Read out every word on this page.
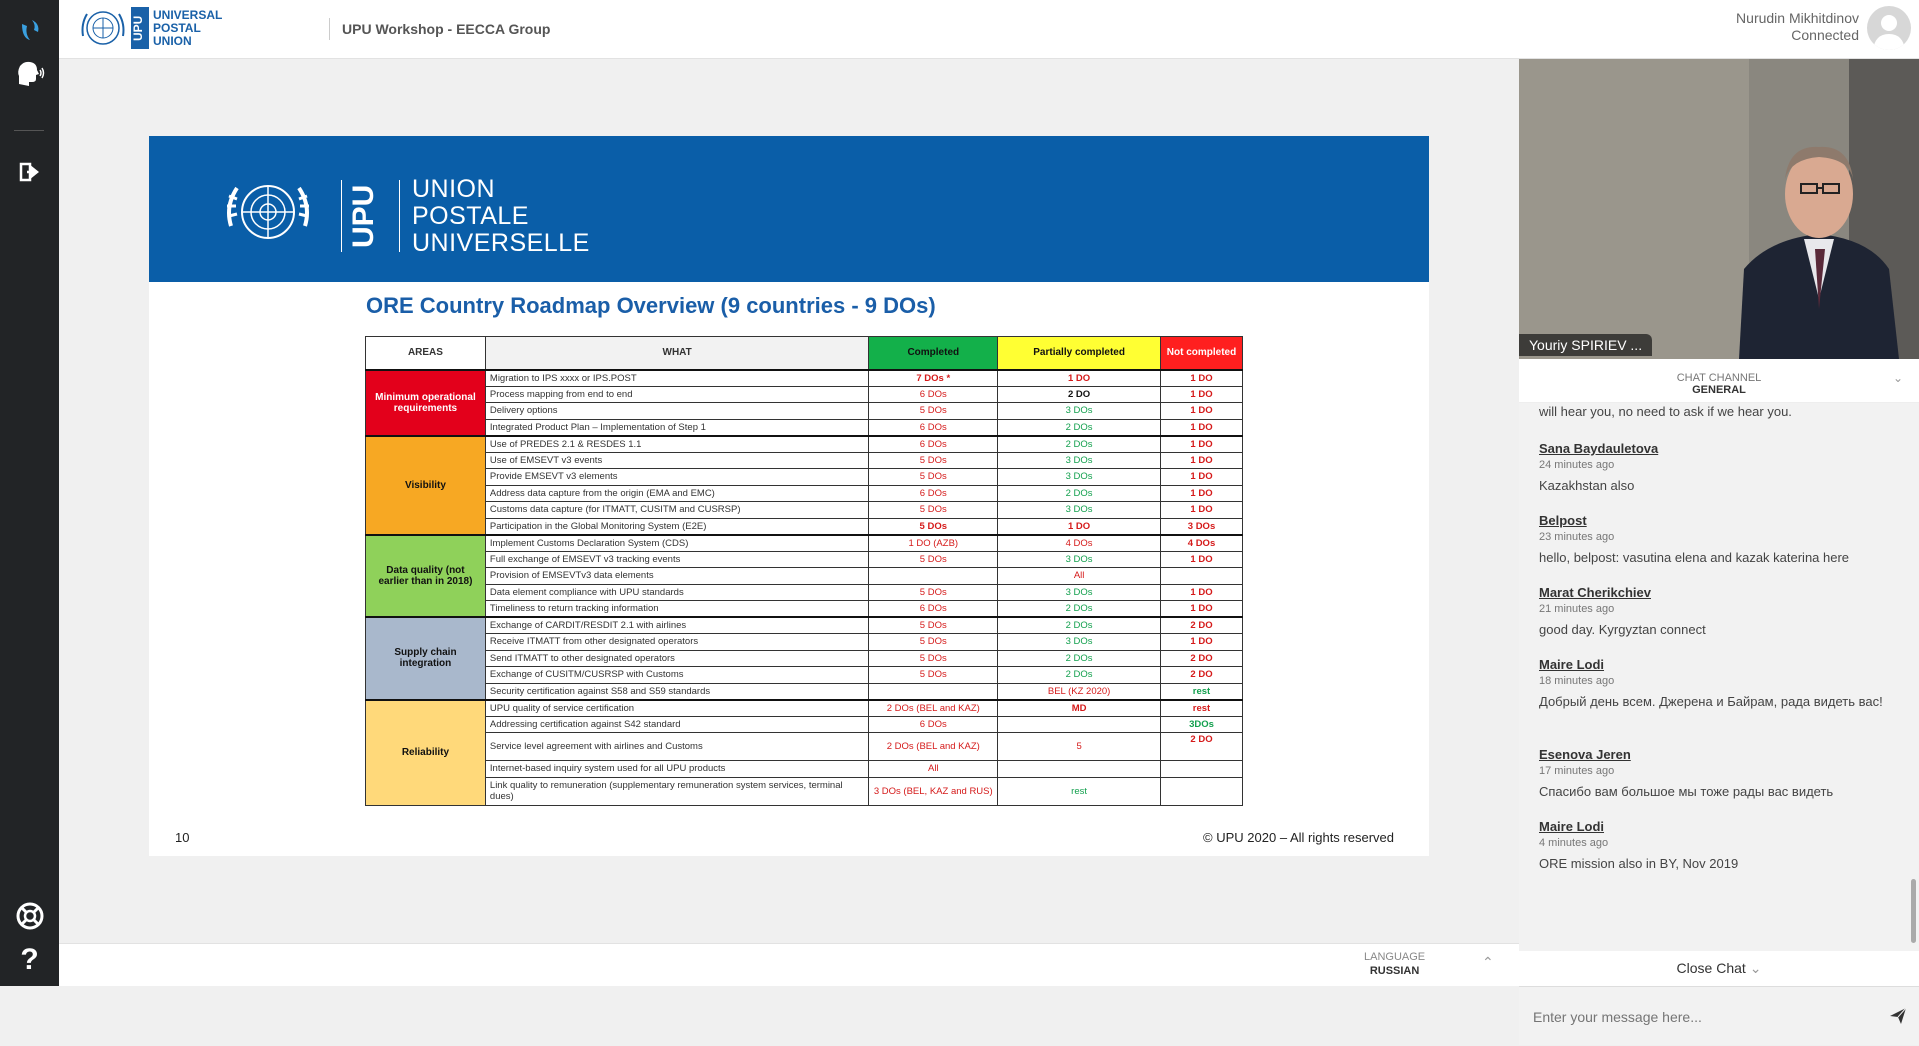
?
UPU
UNIVERSAL
POSTAL
UNION
UPU Workshop - EECCA Group
Nurudin Mikhitdinov
Connected
UPU UNION
POSTALE
UNIVERSELLE
ORE Country Roadmap Overview (9 countries - 9 DOs)
AREAS	WHAT	Completed	Partially completed	Not completed
Minimum operational requirements	Migration to IPS xxxx or IPS.POST	7 DOs *	1 DO	1 DO
	Process mapping from end to end	6 DOs	2 DO	1 DO
	Delivery options	5 DOs	3 DOs	1 DO
	Integrated Product Plan – Implementation of Step 1	6 DOs	2 DOs	1 DO
Visibility	Use of PREDES 2.1 & RESDES 1.1	6 DOs	2 DOs	1 DO
	Use of EMSEVT v3 events	5 DOs	3 DOs	1 DO
	Provide EMSEVT v3 elements	5 DOs	3 DOs	1 DO
	Address data capture from the origin (EMA and EMC)	6 DOs	2 DOs	1 DO
	Customs data capture (for ITMATT, CUSITM and CUSRSP)	5 DOs	3 DOs	1 DO
	Participation in the Global Monitoring System (E2E)	5 DOs	1 DO	3 DOs
Data quality (not earlier than in 2018)	Implement Customs Declaration System (CDS)	1 DO (AZB)	4 DOs	4 DOs
	Full exchange of EMSEVT v3 tracking events	5 DOs	3 DOs	1 DO
	Provision of EMSEVTv3 data elements		All	
	Data element compliance with UPU standards	5 DOs	3 DOs	1 DO
	Timeliness to return tracking information	6 DOs	2 DOs	1 DO
Supply chain integration	Exchange of CARDIT/RESDIT 2.1 with airlines	5 DOs	2 DOs	2 DO
	Receive ITMATT from other designated operators	5 DOs	3 DOs	1 DO
	Send ITMATT to other designated operators	5 DOs	2 DOs	2 DO
	Exchange of CUSITM/CUSRSP with Customs	5 DOs	2 DOs	2 DO
	Security certification against S58 and S59 standards		BEL (KZ 2020)	rest
Reliability	UPU quality of service certification	2 DOs (BEL and KAZ)	MD	rest
	Addressing certification against S42 standard	6 DOs		3DOs
	Service level agreement with airlines and Customs	2 DOs (BEL and KAZ)	5	2 DO
	Internet-based inquiry system used for all UPU products	All		
	Link quality to remuneration (supplementary remuneration system services, terminal dues)	3 DOs (BEL, KAZ and RUS)	rest	
10	© UPU 2020 – All rights reserved
LANGUAGE
RUSSIAN
⌃
Youriy SPIRIEV ...
CHAT CHANNEL
GENERAL
⌄
will hear you, no need to ask if we hear you.
Sana Baydauletova
24 minutes ago
Kazakhstan also
Belpost
23 minutes ago
hello, belpost: vasutina elena and kazak katerina here
Marat Cherikchiev
21 minutes ago
good day. Kyrgyztan connect
Maire Lodi
18 minutes ago
Добрый день всем. Джерена и Байрам, рада видеть вас!
Esenova Jeren
17 minutes ago
Спасибо вам большое мы тоже рады вас видеть
Maire Lodi
4 minutes ago
ORE mission also in BY, Nov 2019
Close Chat ⌄
Enter your message here...
